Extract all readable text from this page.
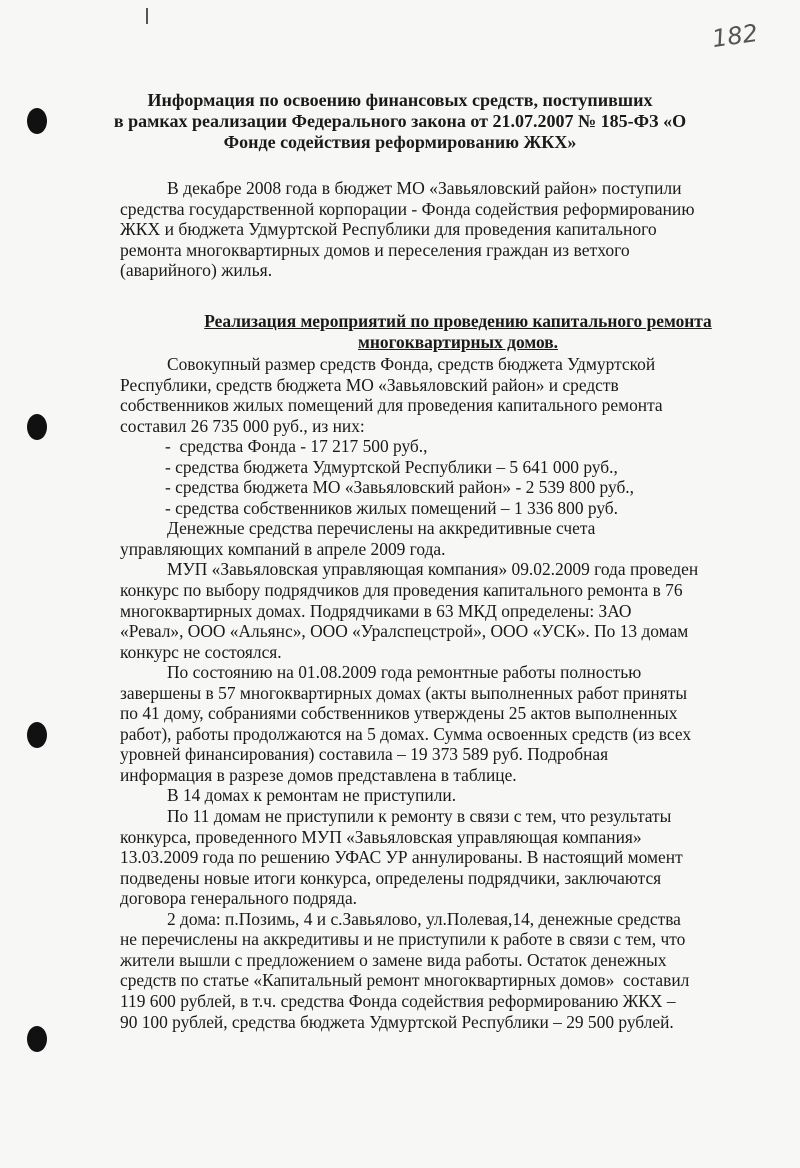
182
Информация по освоению финансовых средств, поступивших
в рамках реализации Федерального закона от 21.07.2007 № 185-ФЗ «О
Фонде содействия реформированию ЖКХ»
В декабре 2008 года в бюджет МО «Завьяловский район» поступили
средства государственной корпорации - Фонда содействия реформированию
ЖКХ и бюджета Удмуртской Республики для проведения капитального
ремонта многоквартирных домов и переселения граждан из ветхого
(аварийного) жилья.
Реализация мероприятий по проведению капитального ремонта
многоквартирных домов.
Совокупный размер средств Фонда, средств бюджета Удмуртской
Республики, средств бюджета МО «Завьяловский район» и средств
собственников жилых помещений для проведения капитального ремонта
составил 26 735 000 руб., из них:
-  средства Фонда - 17 217 500 руб.,
- средства бюджета Удмуртской Республики – 5 641 000 руб.,
- средства бюджета МО «Завьяловский район» - 2 539 800 руб.,
- средства собственников жилых помещений – 1 336 800 руб.
Денежные средства перечислены на аккредитивные счета
управляющих компаний в апреле 2009 года.
МУП «Завьяловская управляющая компания» 09.02.2009 года проведен
конкурс по выбору подрядчиков для проведения капитального ремонта в 76
многоквартирных домах. Подрядчиками в 63 МКД определены: ЗАО
«Ревал», ООО «Альянс», ООО «Уралспецстрой», ООО «УСК». По 13 домам
конкурс не состоялся.
По состоянию на 01.08.2009 года ремонтные работы полностью
завершены в 57 многоквартирных домах (акты выполненных работ приняты
по 41 дому, собраниями собственников утверждены 25 актов выполненных
работ), работы продолжаются на 5 домах. Сумма освоенных средств (из всех
уровней финансирования) составила – 19 373 589 руб. Подробная
информация в разрезе домов представлена в таблице.
В 14 домах к ремонтам не приступили.
По 11 домам не приступили к ремонту в связи с тем, что результаты
конкурса, проведенного МУП «Завьяловская управляющая компания»
13.03.2009 года по решению УФАС УР аннулированы. В настоящий момент
подведены новые итоги конкурса, определены подрядчики, заключаются
договора генерального подряда.
2 дома: п.Позимь, 4 и с.Завьялово, ул.Полевая,14, денежные средства
не перечислены на аккредитивы и не приступили к работе в связи с тем, что
жители вышли с предложением о замене вида работы. Остаток денежных
средств по статье «Капитальный ремонт многоквартирных домов»  составил
119 600 рублей, в т.ч. средства Фонда содействия реформированию ЖКХ –
90 100 рублей, средства бюджета Удмуртской Республики – 29 500 рублей.
